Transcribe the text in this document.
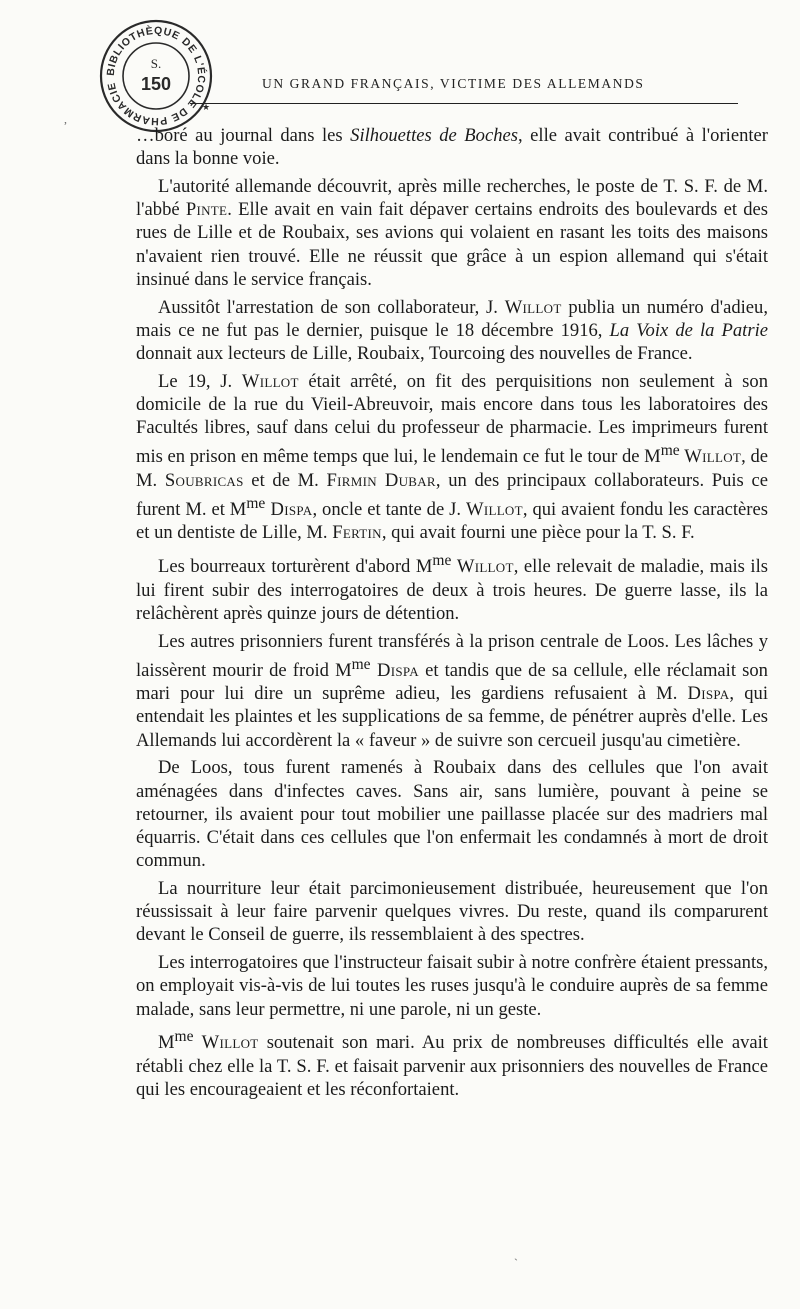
BIBLIOTHÈQUE DE L'ÉCOLE DE PHARMACIE
S.
150
★
UN GRAND FRANÇAIS, VICTIME DES ALLEMANDS
,

…boré au journal dans les Silhouettes de Boches, elle avait contribué à l'orienter dans la bonne voie.

L'autorité allemande découvrit, après mille recherches, le poste de T. S. F. de M. l'abbé Pinte. Elle avait en vain fait dépaver certains endroits des boulevards et des rues de Lille et de Roubaix, ses avions qui volaient en rasant les toits des maisons n'avaient rien trouvé. Elle ne réussit que grâce à un espion allemand qui s'était insinué dans le service français.

Aussitôt l'arrestation de son collaborateur, J. Willot publia un numéro d'adieu, mais ce ne fut pas le dernier, puisque le 18 décembre 1916, La Voix de la Patrie donnait aux lecteurs de Lille, Roubaix, Tourcoing des nouvelles de France.

Le 19, J. Willot était arrêté, on fit des perquisitions non seulement à son domicile de la rue du Vieil-Abreuvoir, mais encore dans tous les laboratoires des Facultés libres, sauf dans celui du professeur de pharmacie. Les imprimeurs furent mis en prison en même temps que lui, le lendemain ce fut le tour de $M^{me}$ Willot, de M. Soubricas et de M. Firmin Dubar, un des principaux collaborateurs. Puis ce furent M. et $M^{me}$ Dispa, oncle et tante de J. Willot, qui avaient fondu les caractères et un dentiste de Lille, M. Fertin, qui avait fourni une pièce pour la T. S. F.

Les bourreaux torturèrent d'abord $M^{me}$ Willot, elle relevait de maladie, mais ils lui firent subir des interrogatoires de deux à trois heures. De guerre lasse, ils la relâchèrent après quinze jours de détention.

Les autres prisonniers furent transférés à la prison centrale de Loos. Les lâches y laissèrent mourir de froid $M^{me}$ Dispa et tandis que de sa cellule, elle réclamait son mari pour lui dire un suprême adieu, les gardiens refusaient à M. Dispa, qui entendait les plaintes et les supplications de sa femme, de pénétrer auprès d'elle. Les Allemands lui accordèrent la « faveur » de suivre son cercueil jusqu'au cimetière.

De Loos, tous furent ramenés à Roubaix dans des cellules que l'on avait aménagées dans d'infectes caves. Sans air, sans lumière, pouvant à peine se retourner, ils avaient pour tout mobilier une paillasse placée sur des madriers mal équarris. C'était dans ces cellules que l'on enfermait les condamnés à mort de droit commun.

La nourriture leur était parcimonieusement distribuée, heureusement que l'on réussissait à leur faire parvenir quelques vivres. Du reste, quand ils comparurent devant le Conseil de guerre, ils ressemblaient à des spectres.

Les interrogatoires que l'instructeur faisait subir à notre confrère étaient pressants, on employait vis-à-vis de lui toutes les ruses jusqu'à le conduire auprès de sa femme malade, sans leur permettre, ni une parole, ni un geste.

$M^{me}$ Willot soutenait son mari. Au prix de nombreuses difficultés elle avait rétabli chez elle la T. S. F. et faisait parvenir aux prisonniers des nouvelles de France qui les encourageaient et les réconfortaient.

ˋ
